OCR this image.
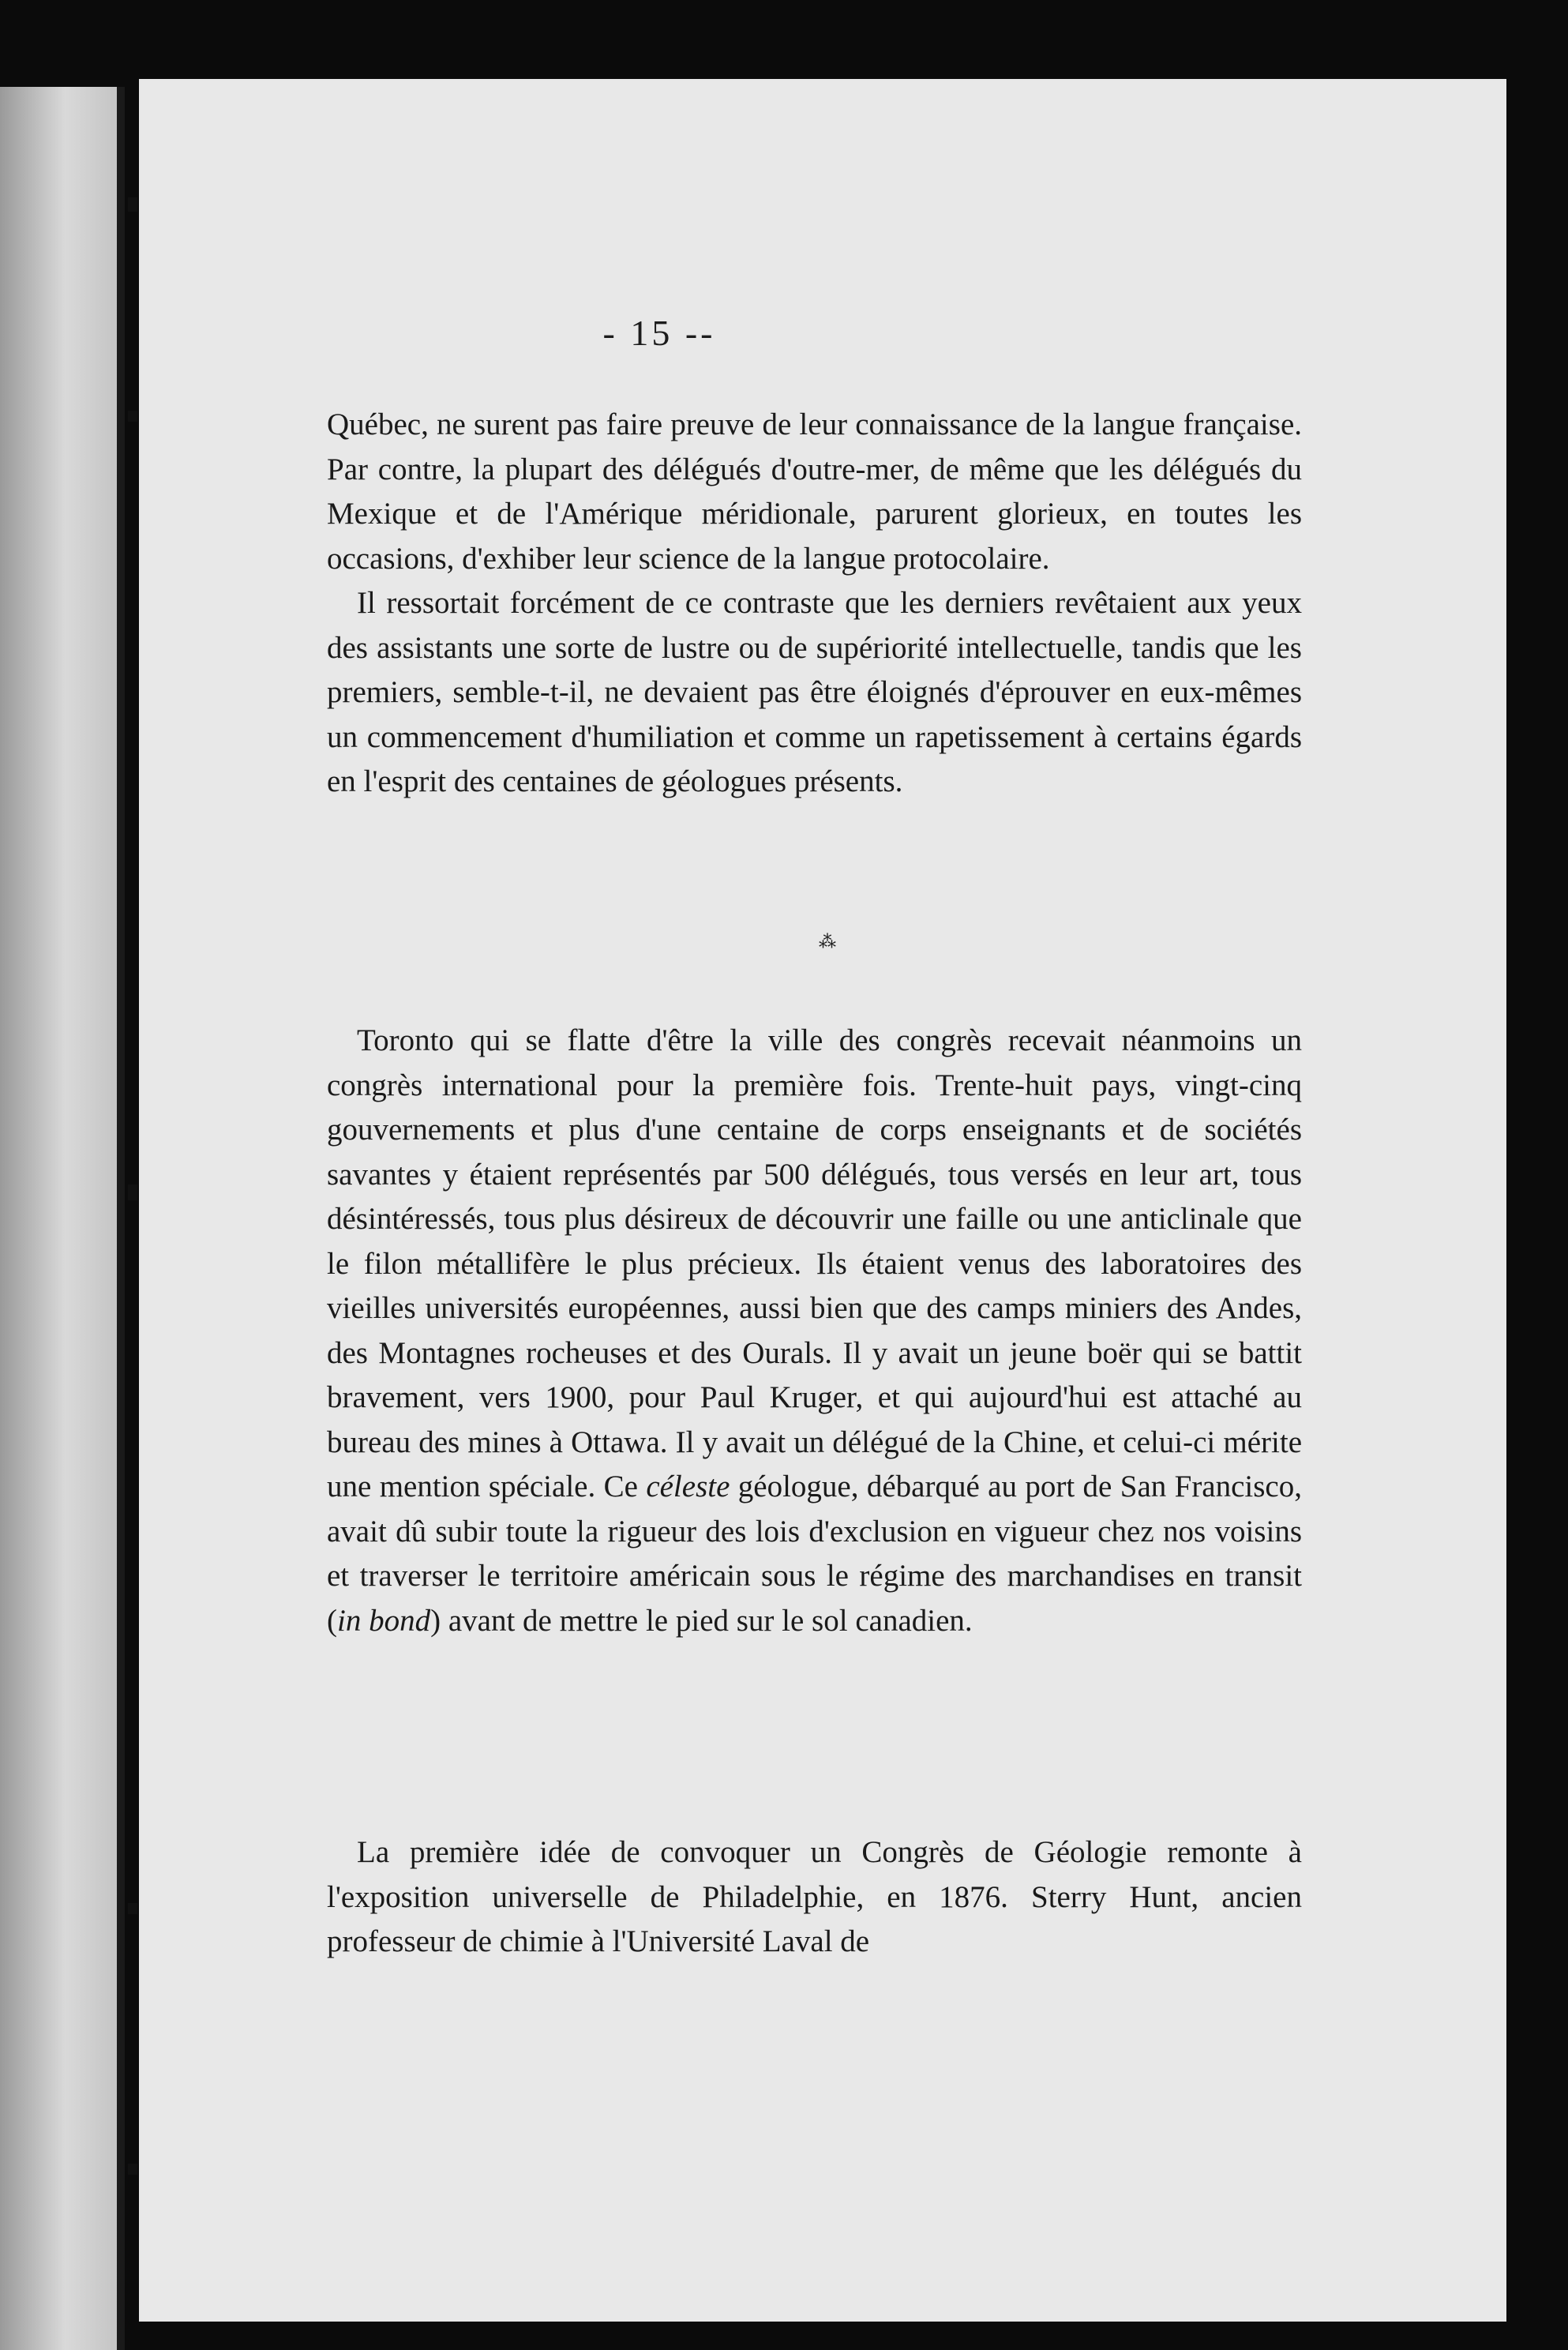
- 15 --

Québec, ne surent pas faire preuve de leur connaissance de la langue française. Par contre, la plupart des délégués d'outre-mer, de même que les délégués du Mexique et de l'Amérique méridionale, parurent glorieux, en toutes les occasions, d'exhiber leur science de la langue protocolaire.

Il ressortait forcément de ce contraste que les derniers revêtaient aux yeux des assistants une sorte de lustre ou de supériorité intellectuelle, tandis que les premiers, semble-t-il, ne devaient pas être éloignés d'éprouver en eux-mêmes un commencement d'humiliation et comme un rapetissement à certains égards en l'esprit des centaines de géologues présents.

⁂

Toronto qui se flatte d'être la ville des congrès recevait néanmoins un congrès international pour la première fois. Trente-huit pays, vingt-cinq gouvernements et plus d'une centaine de corps enseignants et de sociétés savantes y étaient représentés par 500 délégués, tous versés en leur art, tous désintéressés, tous plus désireux de découvrir une faille ou une anticlinale que le filon métallifère le plus précieux. Ils étaient venus des laboratoires des vieilles universités européennes, aussi bien que des camps miniers des Andes, des Montagnes rocheuses et des Ourals. Il y avait un jeune boër qui se battit bravement, vers 1900, pour Paul Kruger, et qui aujourd'hui est attaché au bureau des mines à Ottawa. Il y avait un délégué de la Chine, et celui-ci mérite une mention spéciale. Ce céleste géologue, débarqué au port de San Francisco, avait dû subir toute la rigueur des lois d'exclusion en vigueur chez nos voisins et traverser le territoire américain sous le régime des marchandises en transit (in bond) avant de mettre le pied sur le sol canadien.

La première idée de convoquer un Congrès de Géologie remonte à l'exposition universelle de Philadelphie, en 1876. Sterry Hunt, ancien professeur de chimie à l'Université Laval de
